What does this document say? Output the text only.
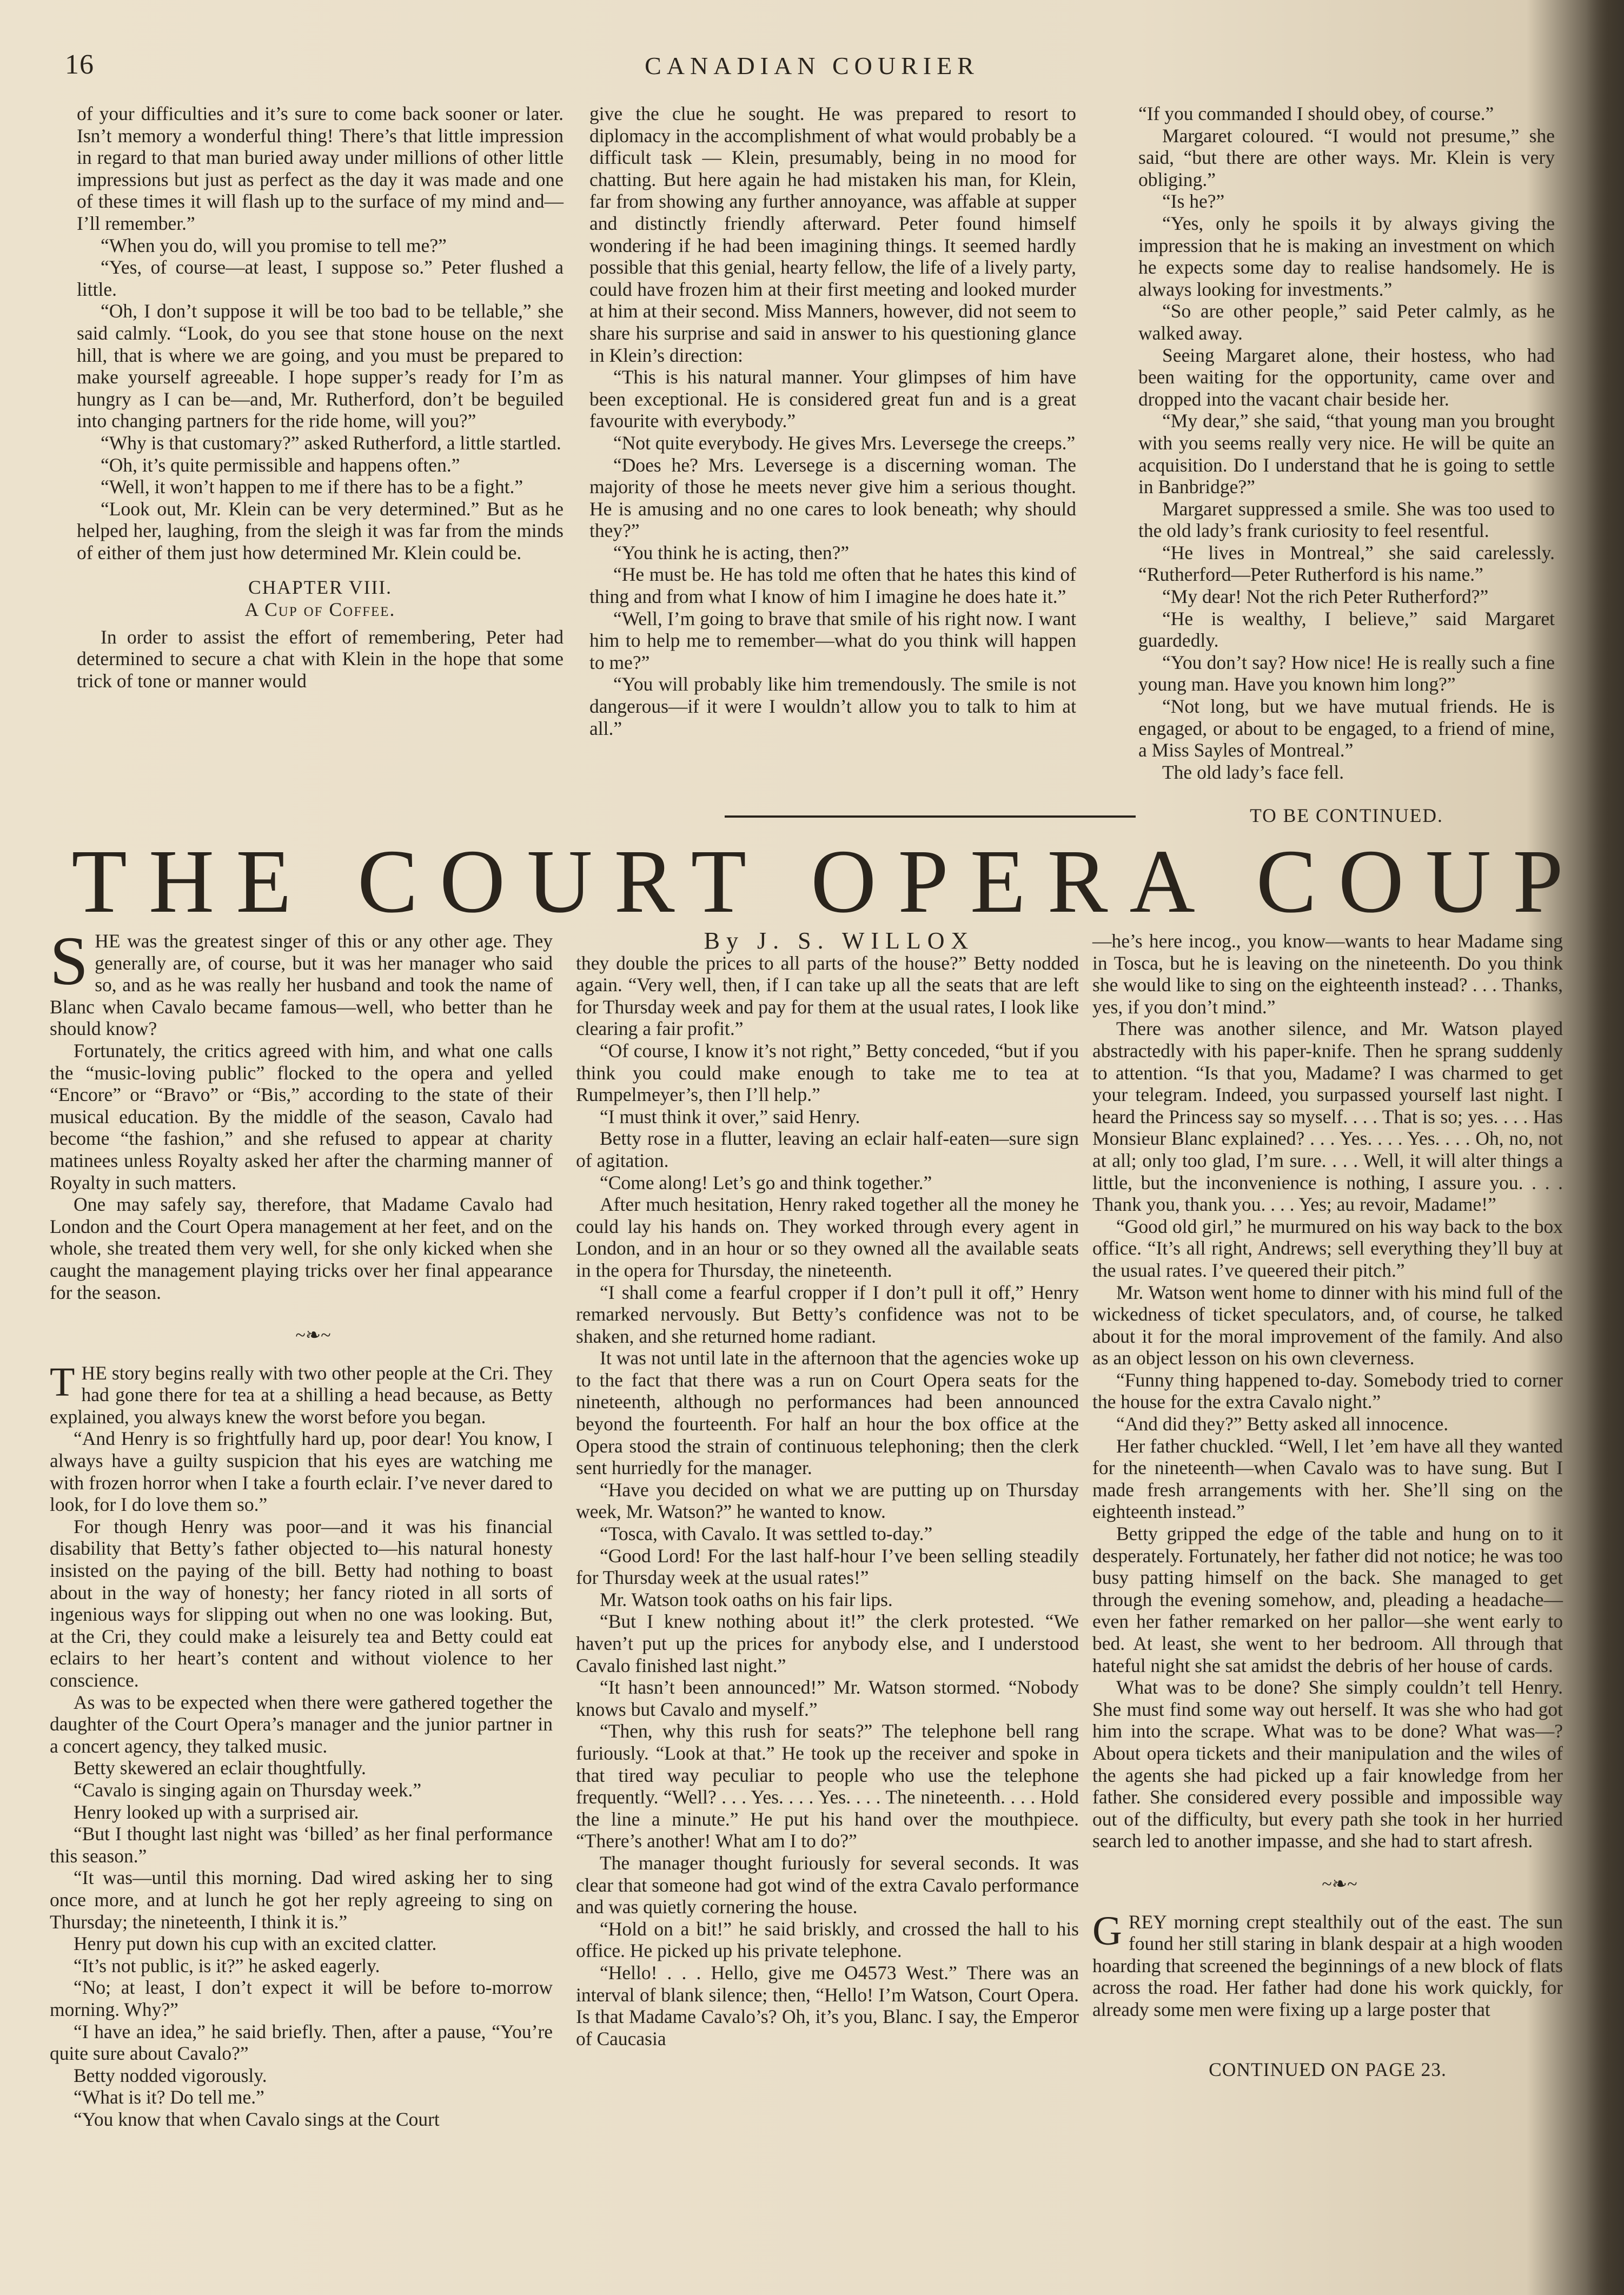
16	CANADIAN COURIER

of your difficulties and it’s sure to come back sooner or later. Isn’t memory a wonderful thing! There’s that little impression in regard to that man buried away under millions of other little impressions but just as perfect as the day it was made and one of these times it will flash up to the surface of my mind and—I’ll remember.”

“When you do, will you promise to tell me?”

“Yes, of course—at least, I suppose so.” Peter flushed a little.

“Oh, I don’t suppose it will be too bad to be tellable,” she said calmly. “Look, do you see that stone house on the next hill, that is where we are going, and you must be prepared to make yourself agreeable. I hope supper’s ready for I’m as hungry as I can be—and, Mr. Rutherford, don’t be beguiled into changing partners for the ride home, will you?”

“Why is that customary?” asked Rutherford, a little startled.

“Oh, it’s quite permissible and happens often.”

“Well, it won’t happen to me if there has to be a fight.”

“Look out, Mr. Klein can be very determined.” But as he helped her, laughing, from the sleigh it was far from the minds of either of them just how determined Mr. Klein could be.

CHAPTER VIII.

A Cup of Coffee.

In order to assist the effort of remembering, Peter had determined to secure a chat with Klein in the hope that some trick of tone or manner would

give the clue he sought. He was prepared to resort to diplomacy in the accomplishment of what would probably be a difficult task — Klein, presumably, being in no mood for chatting. But here again he had mistaken his man, for Klein, far from showing any further annoyance, was affable at supper and distinctly friendly afterward. Peter found himself wondering if he had been imagining things. It seemed hardly possible that this genial, hearty fellow, the life of a lively party, could have frozen him at their first meeting and looked murder at him at their second. Miss Manners, however, did not seem to share his surprise and said in answer to his questioning glance in Klein’s direction:

“This is his natural manner. Your glimpses of him have been exceptional. He is considered great fun and is a great favourite with everybody.”

“Not quite everybody. He gives Mrs. Leversege the creeps.”

“Does he? Mrs. Leversege is a discerning woman. The majority of those he meets never give him a serious thought. He is amusing and no one cares to look beneath; why should they?”

“You think he is acting, then?”

“He must be. He has told me often that he hates this kind of thing and from what I know of him I imagine he does hate it.”

“Well, I’m going to brave that smile of his right now. I want him to help me to remember—what do you think will happen to me?”

“You will probably like him tremendously. The smile is not dangerous—if it were I wouldn’t allow you to talk to him at all.”

“If you commanded I should obey, of course.”

Margaret coloured. “I would not presume,” she said, “but there are other ways. Mr. Klein is very obliging.”

“Is he?”

“Yes, only he spoils it by always giving the impression that he is making an investment on which he expects some day to realise handsomely. He is always looking for investments.”

“So are other people,” said Peter calmly, as he walked away.

Seeing Margaret alone, their hostess, who had been waiting for the opportunity, came over and dropped into the vacant chair beside her.

“My dear,” she said, “that young man you brought with you seems really very nice. He will be quite an acquisition. Do I understand that he is going to settle in Banbridge?”

Margaret suppressed a smile. She was too used to the old lady’s frank curiosity to feel resentful.

“He lives in Montreal,” she said carelessly. “Rutherford—Peter Rutherford is his name.”

“My dear! Not the rich Peter Rutherford?”

“He is wealthy, I believe,” said Margaret guardedly.

“You don’t say? How nice! He is really such a fine young man. Have you known him long?”

“Not long, but we have mutual friends. He is engaged, or about to be engaged, to a friend of mine, a Miss Sayles of Montreal.”

The old lady’s face fell.

TO BE CONTINUED.

THE COURT OPERA COUP

SHE was the greatest singer of this or any other age. They generally are, of course, but it was her manager who said so, and as he was really her husband and took the name of Blanc when Cavalo became famous—well, who better than he should know?

Fortunately, the critics agreed with him, and what one calls the “music-loving public” flocked to the opera and yelled “Encore” or “Bravo” or “Bis,” according to the state of their musical education. By the middle of the season, Cavalo had become “the fashion,” and she refused to appear at charity matinees unless Royalty asked her after the charming manner of Royalty in such matters.

One may safely say, therefore, that Madame Cavalo had London and the Court Opera management at her feet, and on the whole, she treated them very well, for she only kicked when she caught the management playing tricks over her final appearance for the season.

~❧~

THE story begins really with two other people at the Cri. They had gone there for tea at a shilling a head because, as Betty explained, you always knew the worst before you began.

“And Henry is so frightfully hard up, poor dear! You know, I always have a guilty suspicion that his eyes are watching me with frozen horror when I take a fourth eclair. I’ve never dared to look, for I do love them so.”

For though Henry was poor—and it was his financial disability that Betty’s father objected to—his natural honesty insisted on the paying of the bill. Betty had nothing to boast about in the way of honesty; her fancy rioted in all sorts of ingenious ways for slipping out when no one was looking. But, at the Cri, they could make a leisurely tea and Betty could eat eclairs to her heart’s content and without violence to her conscience.

As was to be expected when there were gathered together the daughter of the Court Opera’s manager and the junior partner in a concert agency, they talked music.

Betty skewered an eclair thoughtfully.

“Cavalo is singing again on Thursday week.”

Henry looked up with a surprised air.

“But I thought last night was ‘billed’ as her final performance this season.”

“It was—until this morning. Dad wired asking her to sing once more, and at lunch he got her reply agreeing to sing on Thursday; the nineteenth, I think it is.”

Henry put down his cup with an excited clatter.

“It’s not public, is it?” he asked eagerly.

“No; at least, I don’t expect it will be before to-morrow morning. Why?”

“I have an idea,” he said briefly. Then, after a pause, “You’re quite sure about Cavalo?”

Betty nodded vigorously.

“What is it? Do tell me.”

“You know that when Cavalo sings at the Court

By J. S. WILLOX

they double the prices to all parts of the house?” Betty nodded again. “Very well, then, if I can take up all the seats that are left for Thursday week and pay for them at the usual rates, I look like clearing a fair profit.”

“Of course, I know it’s not right,” Betty conceded, “but if you think you could make enough to take me to tea at Rumpelmeyer’s, then I’ll help.”

“I must think it over,” said Henry.

Betty rose in a flutter, leaving an eclair half-eaten—sure sign of agitation.

“Come along! Let’s go and think together.”

After much hesitation, Henry raked together all the money he could lay his hands on. They worked through every agent in London, and in an hour or so they owned all the available seats in the opera for Thursday, the nineteenth.

“I shall come a fearful cropper if I don’t pull it off,” Henry remarked nervously. But Betty’s confidence was not to be shaken, and she returned home radiant.

It was not until late in the afternoon that the agencies woke up to the fact that there was a run on Court Opera seats for the nineteenth, although no performances had been announced beyond the fourteenth. For half an hour the box office at the Opera stood the strain of continuous telephoning; then the clerk sent hurriedly for the manager.

“Have you decided on what we are putting up on Thursday week, Mr. Watson?” he wanted to know.

“Tosca, with Cavalo. It was settled to-day.”

“Good Lord! For the last half-hour I’ve been selling steadily for Thursday week at the usual rates!”

Mr. Watson took oaths on his fair lips.

“But I knew nothing about it!” the clerk protested. “We haven’t put up the prices for anybody else, and I understood Cavalo finished last night.”

“It hasn’t been announced!” Mr. Watson stormed. “Nobody knows but Cavalo and myself.”

“Then, why this rush for seats?” The telephone bell rang furiously. “Look at that.” He took up the receiver and spoke in that tired way peculiar to people who use the telephone frequently. “Well? . . . Yes. . . . Yes. . . . The nineteenth. . . . Hold the line a minute.” He put his hand over the mouthpiece. “There’s another! What am I to do?”

The manager thought furiously for several seconds. It was clear that someone had got wind of the extra Cavalo performance and was quietly cornering the house.

“Hold on a bit!” he said briskly, and crossed the hall to his office. He picked up his private telephone.

“Hello! . . . Hello, give me O4573 West.” There was an interval of blank silence; then, “Hello! I’m Watson, Court Opera. Is that Madame Cavalo’s? Oh, it’s you, Blanc. I say, the Emperor of Caucasia

—he’s here incog., you know—wants to hear Madame sing in Tosca, but he is leaving on the nineteenth. Do you think she would like to sing on the eighteenth instead? . . . Thanks, yes, if you don’t mind.”

There was another silence, and Mr. Watson played abstractedly with his paper-knife. Then he sprang suddenly to attention. “Is that you, Madame? I was charmed to get your telegram. Indeed, you surpassed yourself last night. I heard the Princess say so myself. . . . That is so; yes. . . . Has Monsieur Blanc explained? . . . Yes. . . . Yes. . . . Oh, no, not at all; only too glad, I’m sure. . . . Well, it will alter things a little, but the inconvenience is nothing, I assure you. . . . Thank you, thank you. . . . Yes; au revoir, Madame!”

“Good old girl,” he murmured on his way back to the box office. “It’s all right, Andrews; sell everything they’ll buy at the usual rates. I’ve queered their pitch.”

Mr. Watson went home to dinner with his mind full of the wickedness of ticket speculators, and, of course, he talked about it for the moral improvement of the family. And also as an object lesson on his own cleverness.

“Funny thing happened to-day. Somebody tried to corner the house for the extra Cavalo night.”

“And did they?” Betty asked all innocence.

Her father chuckled. “Well, I let ’em have all they wanted for the nineteenth—when Cavalo was to have sung. But I made fresh arrangements with her. She’ll sing on the eighteenth instead.”

Betty gripped the edge of the table and hung on to it desperately. Fortunately, her father did not notice; he was too busy patting himself on the back. She managed to get through the evening somehow, and, pleading a headache—even her father remarked on her pallor—she went early to bed. At least, she went to her bedroom. All through that hateful night she sat amidst the debris of her house of cards.

What was to be done? She simply couldn’t tell Henry. She must find some way out herself. It was she who had got him into the scrape. What was to be done? What was—? About opera tickets and their manipulation and the wiles of the agents she had picked up a fair knowledge from her father. She considered every possible and impossible way out of the difficulty, but every path she took in her hurried search led to another impasse, and she had to start afresh.

~❧~

GREY morning crept stealthily out of the east. The sun found her still staring in blank despair at a high wooden hoarding that screened the beginnings of a new block of flats across the road. Her father had done his work quickly, for already some men were fixing up a large poster that

CONTINUED ON PAGE 23.
